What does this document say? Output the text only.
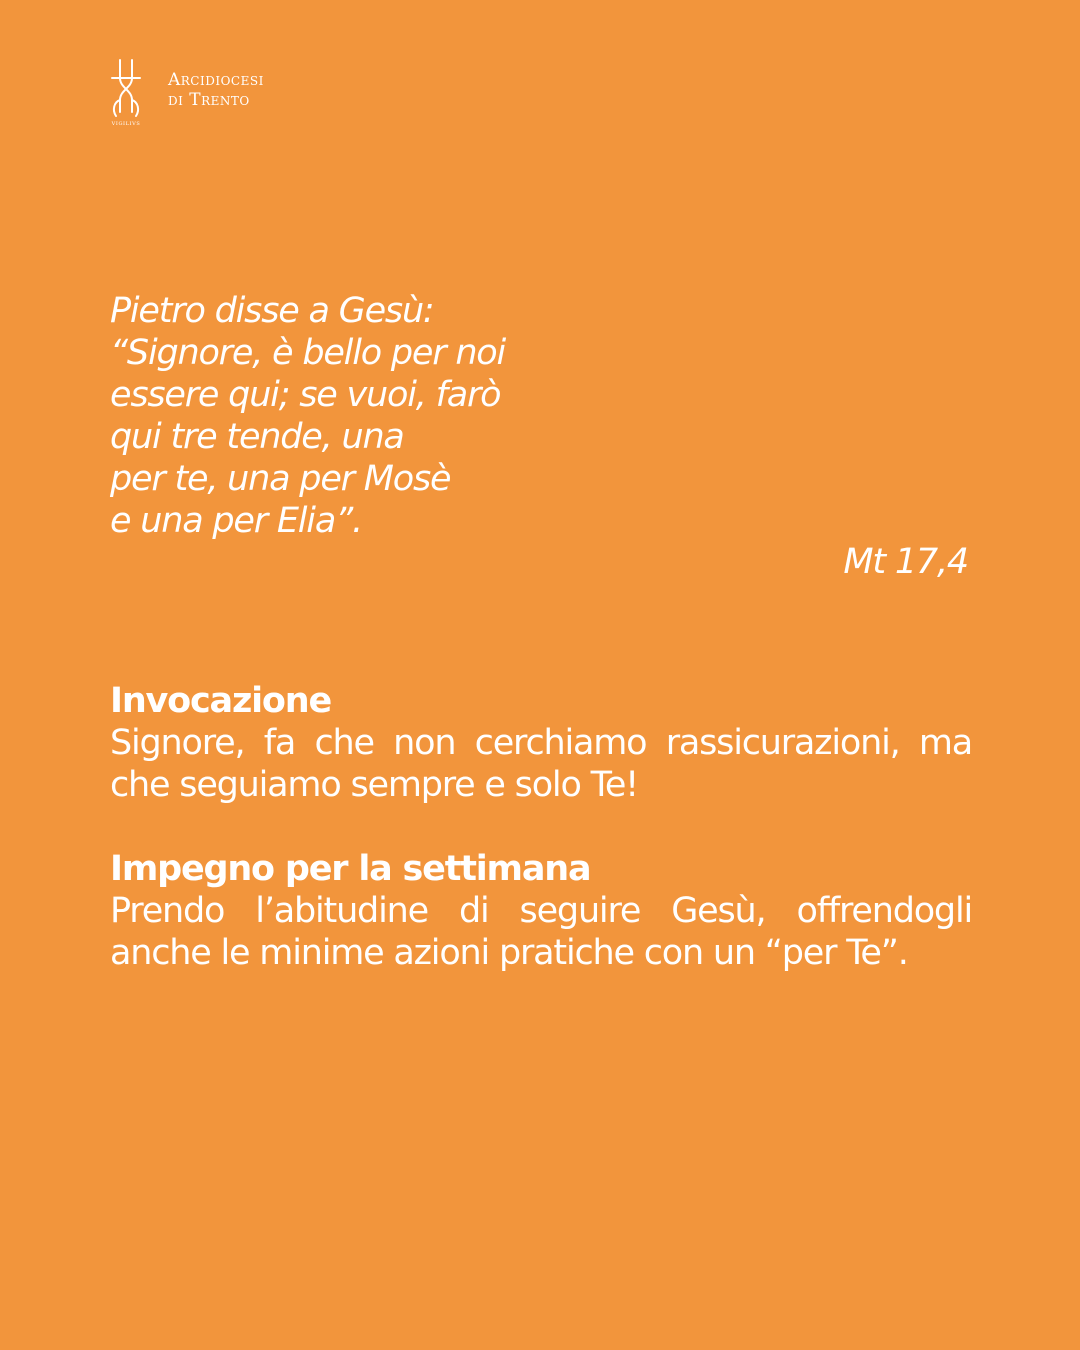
VIGILIVS
Arcidiocesi
di Trento

Pietro disse a Gesù:
“Signore, è bello per noi
essere qui; se vuoi, farò
qui tre tende, una
per te, una per Mosè
e una per Elia”.

Mt 17,4
Invocazione

Signore, fa che non cerchiamo rassicurazioni, ma che seguiamo sempre e solo Te!

Impegno per la settimana

Prendo l’abitudine di seguire Gesù, offrendogli anche le minime azioni pratiche con un “per Te”.
